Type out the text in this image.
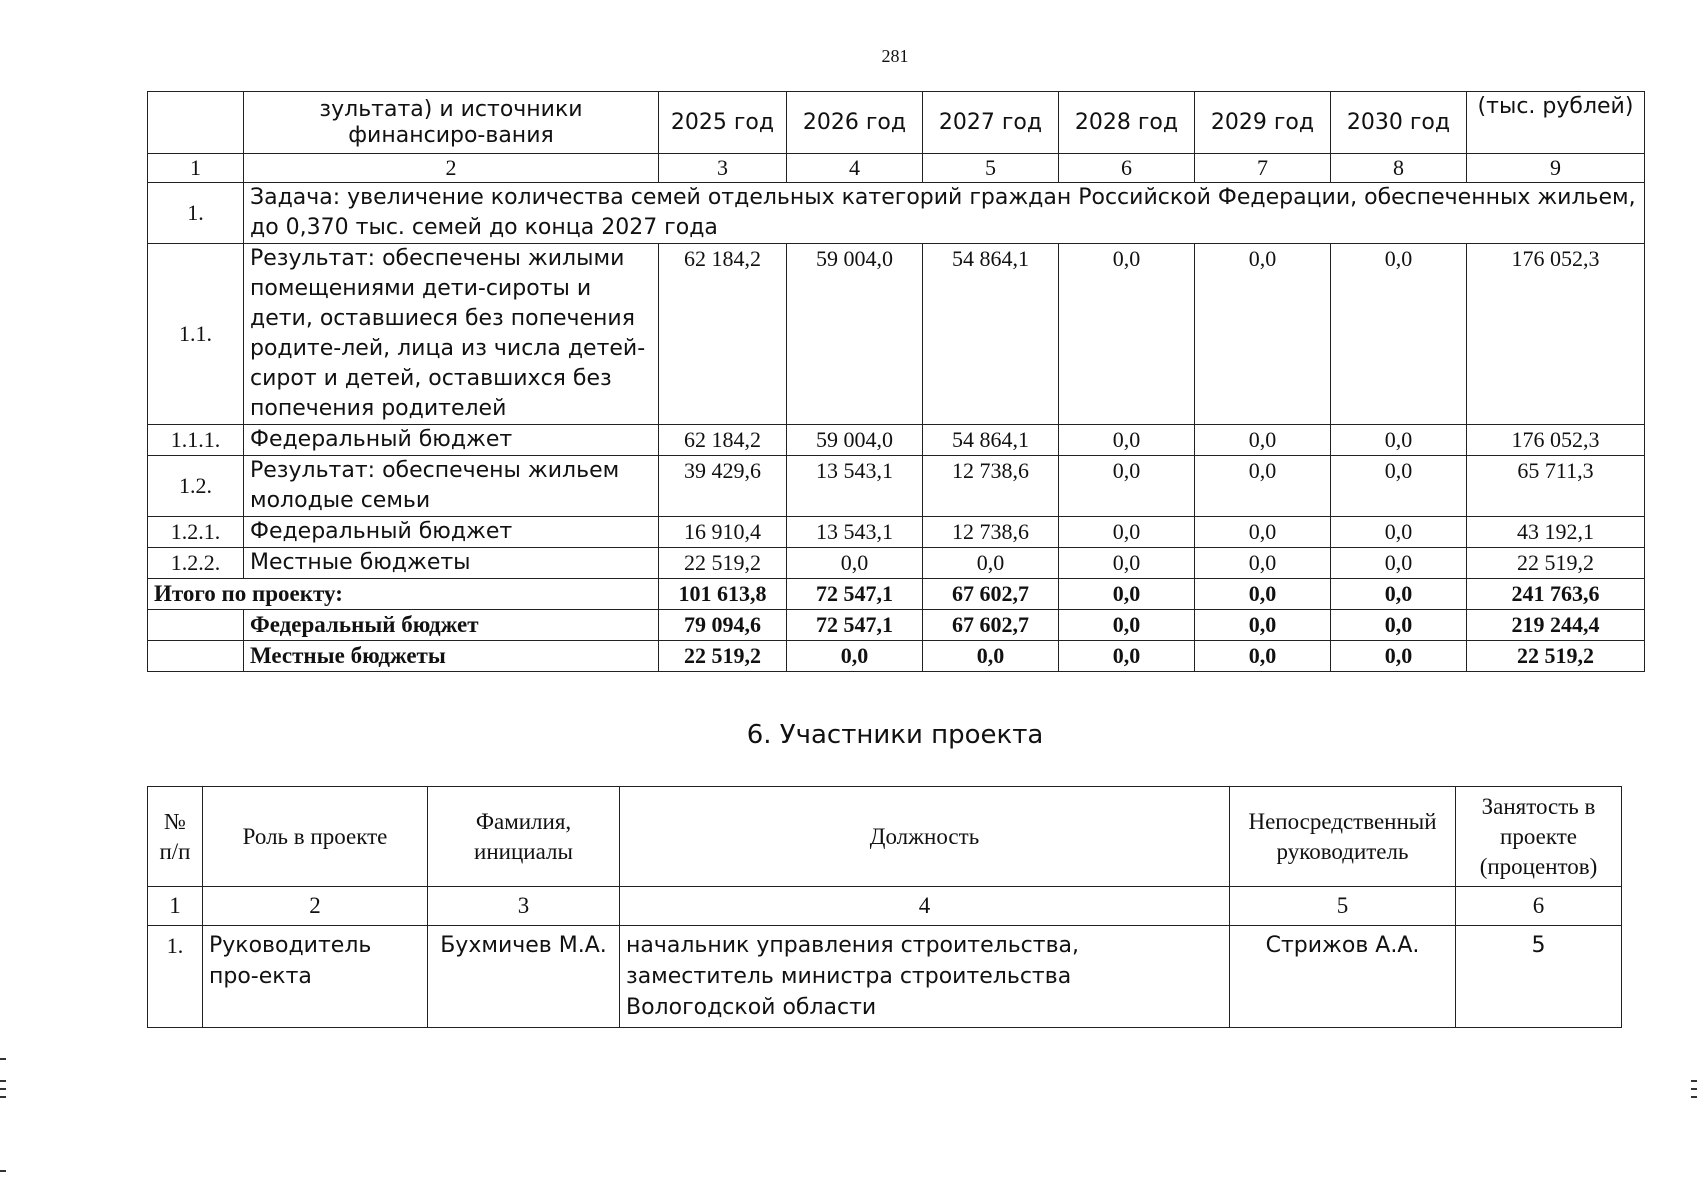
281
	зультата) и источники финансиро-вания	2025 год	2026 год	2027 год	2028 год	2029 год	2030 год	(тыс. рублей)
1	2	3	4	5	6	7	8	9
1.	Задача: увеличение количества семей отдельных категорий граждан Российской Федерации, обеспеченных жильем, до 0,370 тыс. семей до конца 2027 года							
1.1.	Результат: обеспечены жилыми помещениями дети-сироты и дети, оставшиеся без попечения родите-лей, лица из числа детей-сирот и детей, оставшихся без попечения родителей	62 184,2	59 004,0	54 864,1	0,0	0,0	0,0	176 052,3
1.1.1.	Федеральный бюджет	62 184,2	59 004,0	54 864,1	0,0	0,0	0,0	176 052,3
1.2.	Результат: обеспечены жильем молодые семьи	39 429,6	13 543,1	12 738,6	0,0	0,0	0,0	65 711,3
1.2.1.	Федеральный бюджет	16 910,4	13 543,1	12 738,6	0,0	0,0	0,0	43 192,1
1.2.2.	Местные бюджеты	22 519,2	0,0	0,0	0,0	0,0	0,0	22 519,2
Итого по проекту:		101 613,8	72 547,1	67 602,7	0,0	0,0	0,0	241 763,6
	Федеральный бюджет	79 094,6	72 547,1	67 602,7	0,0	0,0	0,0	219 244,4
	Местные бюджеты	22 519,2	0,0	0,0	0,0	0,0	0,0	22 519,2
6. Участники проекта
№ п/п	Роль в проекте	Фамилия, инициалы	Должность	Непосредственный руководитель	Занятость в проекте (процентов)
1	2	3	4	5	6
1.	Руководитель про-екта	Бухмичев М.А.	начальник управления строительства, заместитель министра строительства Вологодской области	Стрижов А.А.	5
